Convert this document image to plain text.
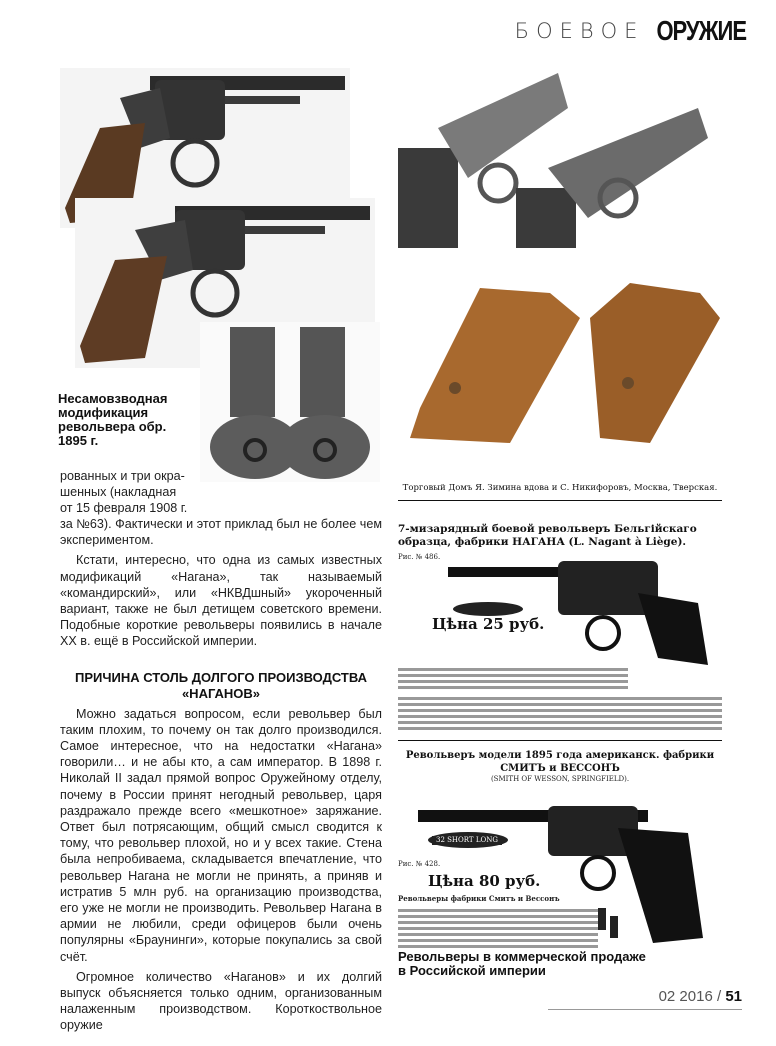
БОЕВОЕ ОРУЖИЕ
Несамовзводная модификация револьвера обр. 1895 г.
рованных и три окра-
шенных (накладная
от 15 февраля 1908 г.

за №63). Фактически и этот приклад был не более чем экспериментом.

Кстати, интересно, что одна из самых известных модификаций «Нагана», так называемый «командирский», или «НКВДшный» укороченный вариант, также не был детищем советского времени. Подобные короткие револьверы появились в начале XX в. ещё в Российской империи.

ПРИЧИНА СТОЛЬ ДОЛГОГО ПРОИЗВОДСТВА «НАГАНОВ»

Можно задаться вопросом, если револьвер был таким плохим, то почему он так долго производился. Самое интересное, что на недостатки «Нагана» говорили… и не абы кто, а сам император. В 1898 г. Николай II задал прямой вопрос Оружейному отделу, почему в России принят негодный револьвер, царя раздражало прежде всего «мешкотное» заряжание. Ответ был потрясающим, общий смысл сводится к тому, что револьвер плохой, но и у всех такие. Стена была непробиваема, складывается впечатление, что револьвер Нагана не могли не принять, а приняв и истратив 5 млн руб. на организацию производства, его уже не могли не производить. Револьвер Нагана в армии не любили, среди офицеров были очень популярны «Браунинги», которые покупались за свой счёт.

Огромное количество «Наганов» и их долгий выпуск объясняется только одним, организованным налаженным производством. Короткоствольное оружие

Торговый Домъ Я. Зимина вдова и С. Никифоровъ, Москва, Тверская.
7-мизарядный боевой револьверъ Бельгійскаго образца, фабрики НАГАНА (L. Nagant à Liège).
Рис. № 486.
Цѣна 25 руб.
Револьверъ модели 1895 года американск. фабрики СМИТЪ и ВЕССОНЪ
(SMITH OF WESSON, SPRINGFIELD).
32 SHORT LONG
Рис. № 428.
Цѣна 80 руб.
Револьверы фабрики Смитъ и Вессонъ
Револьверы в коммерческой продаже в Российской империи
02 2016 / 51
